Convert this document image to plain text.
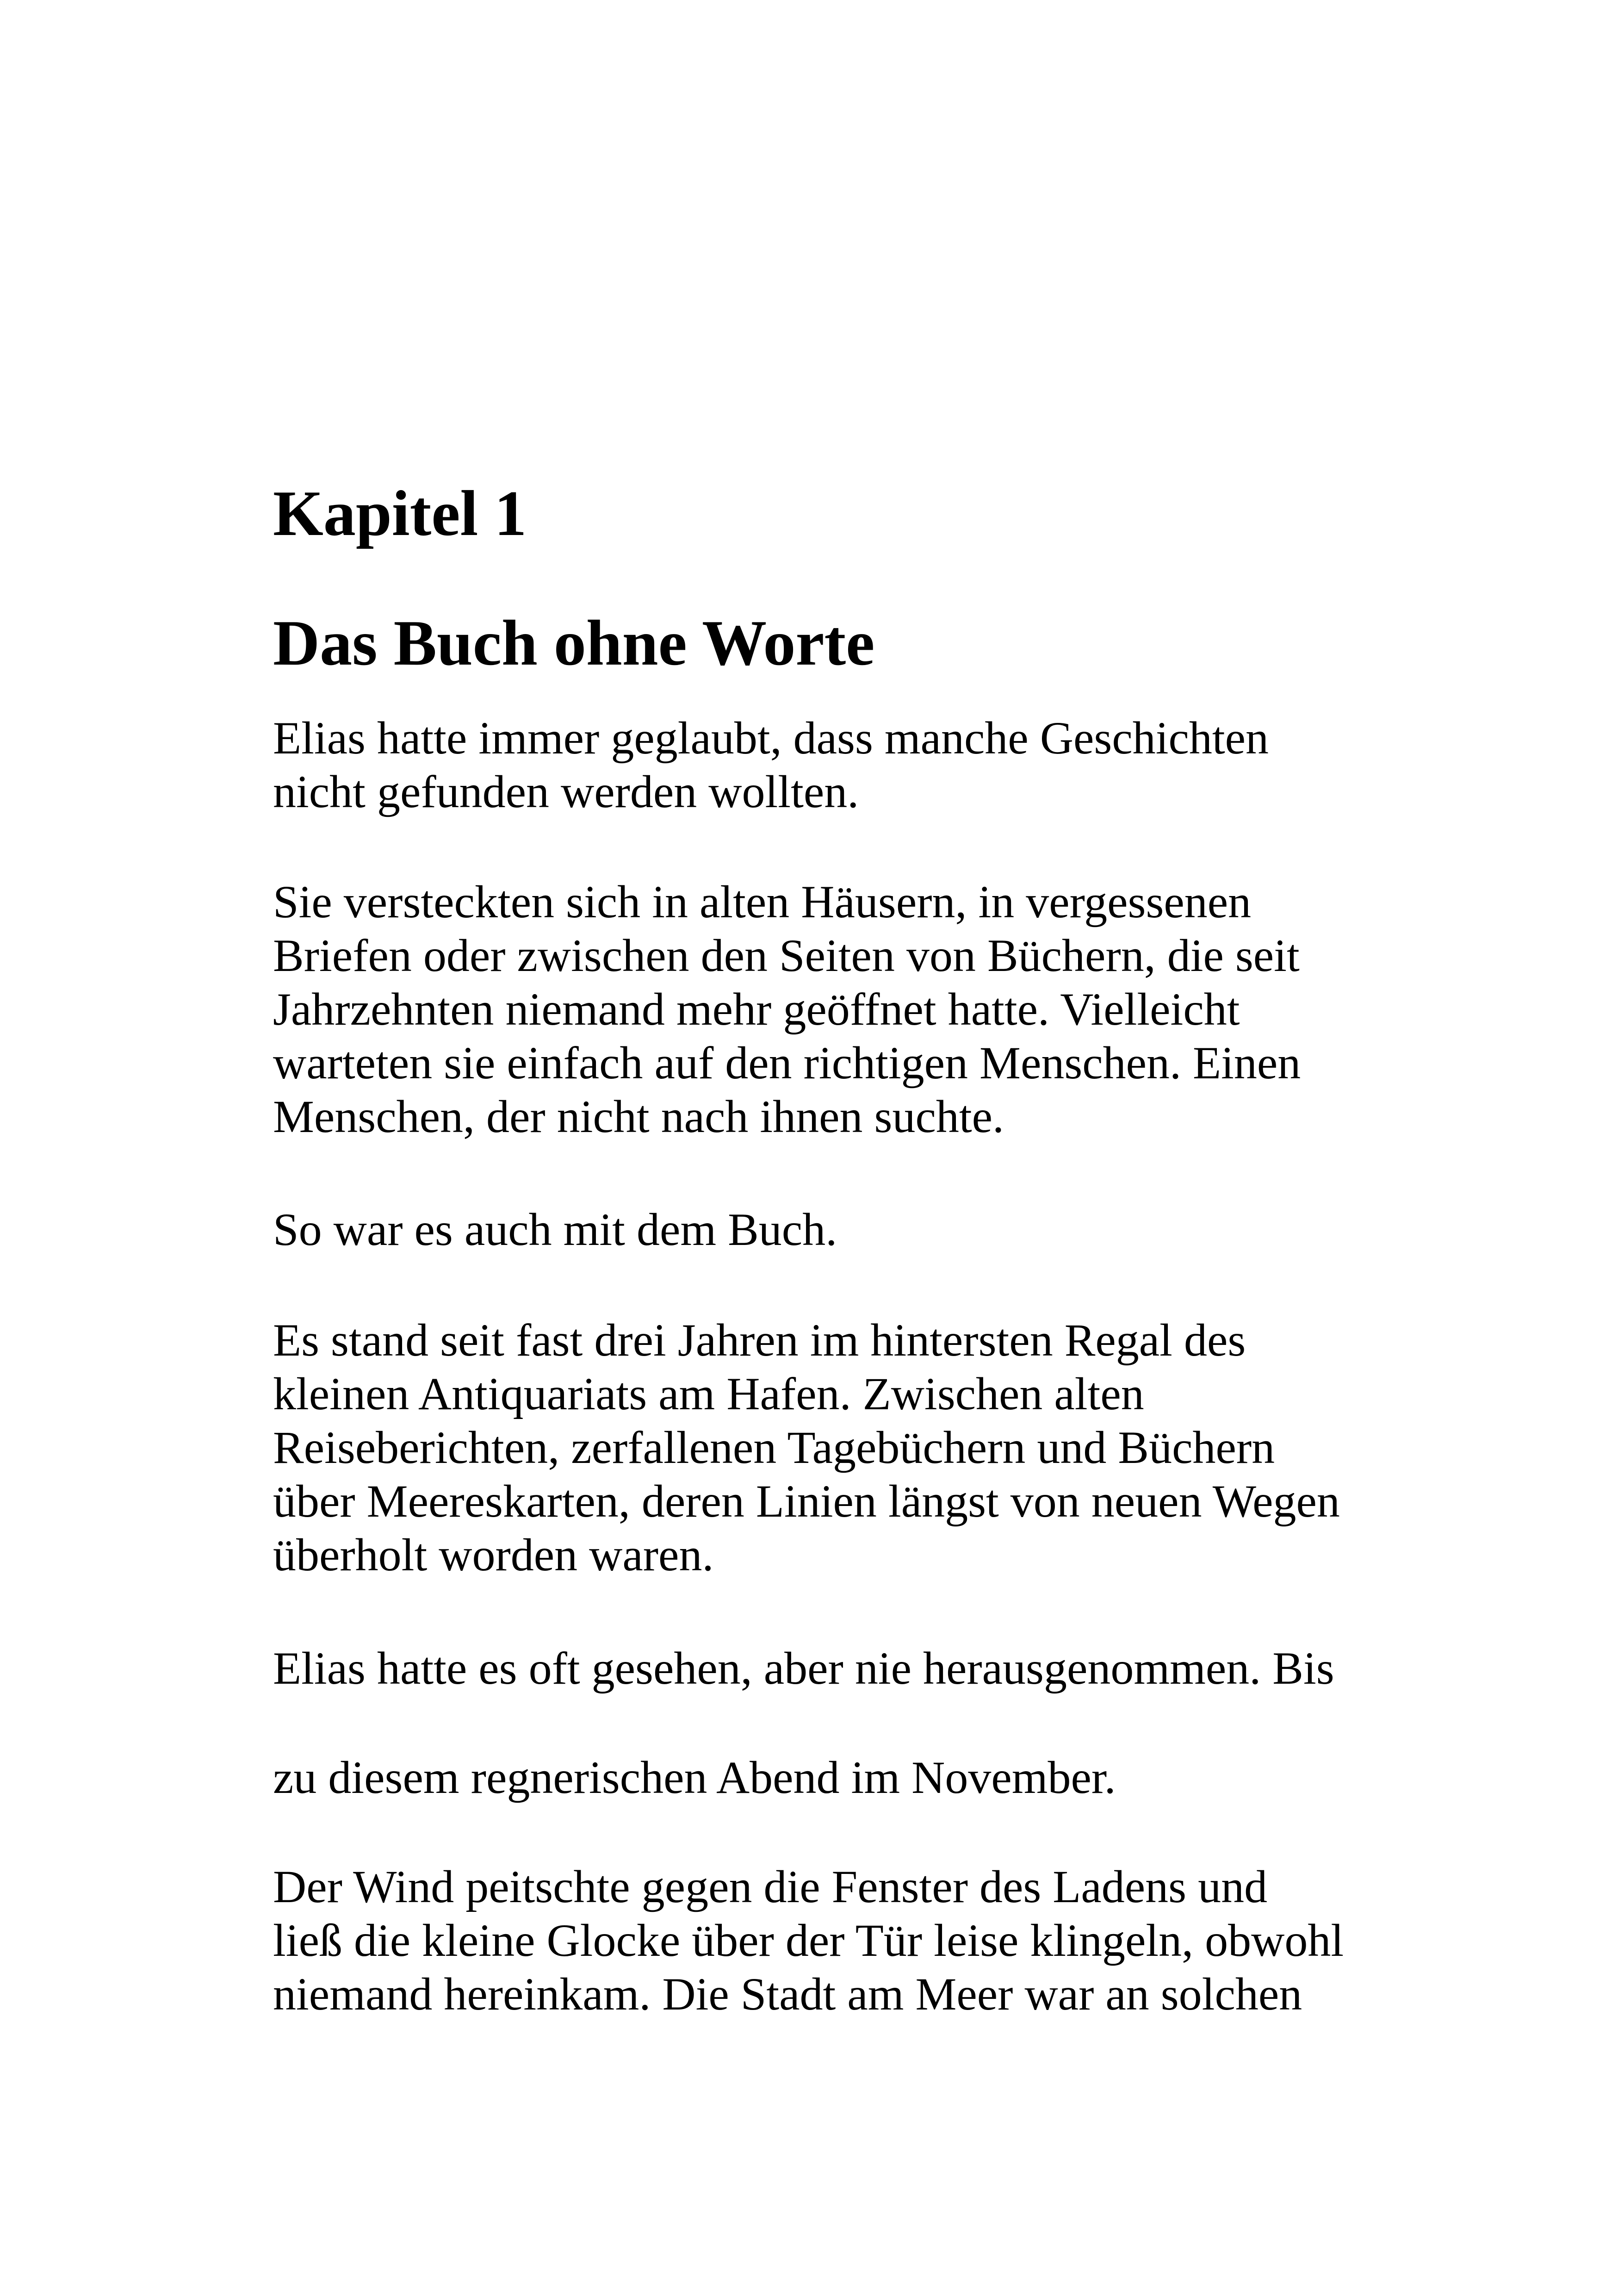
Kapitel 1
Das Buch ohne Worte

Elias hatte immer geglaubt, dass manche Geschichten
nicht gefunden werden wollten.

Sie versteckten sich in alten Häusern, in vergessenen
Briefen oder zwischen den Seiten von Büchern, die seit
Jahrzehnten niemand mehr geöffnet hatte. Vielleicht
warteten sie einfach auf den richtigen Menschen. Einen
Menschen, der nicht nach ihnen suchte.

So war es auch mit dem Buch.

Es stand seit fast drei Jahren im hintersten Regal des
kleinen Antiquariats am Hafen. Zwischen alten
Reiseberichten, zerfallenen Tagebüchern und Büchern
über Meereskarten, deren Linien längst von neuen Wegen
überholt worden waren.

Elias hatte es oft gesehen, aber nie herausgenommen. Bis

zu diesem regnerischen Abend im November.

Der Wind peitschte gegen die Fenster des Ladens und
ließ die kleine Glocke über der Tür leise klingeln, obwohl
niemand hereinkam. Die Stadt am Meer war an solchen
